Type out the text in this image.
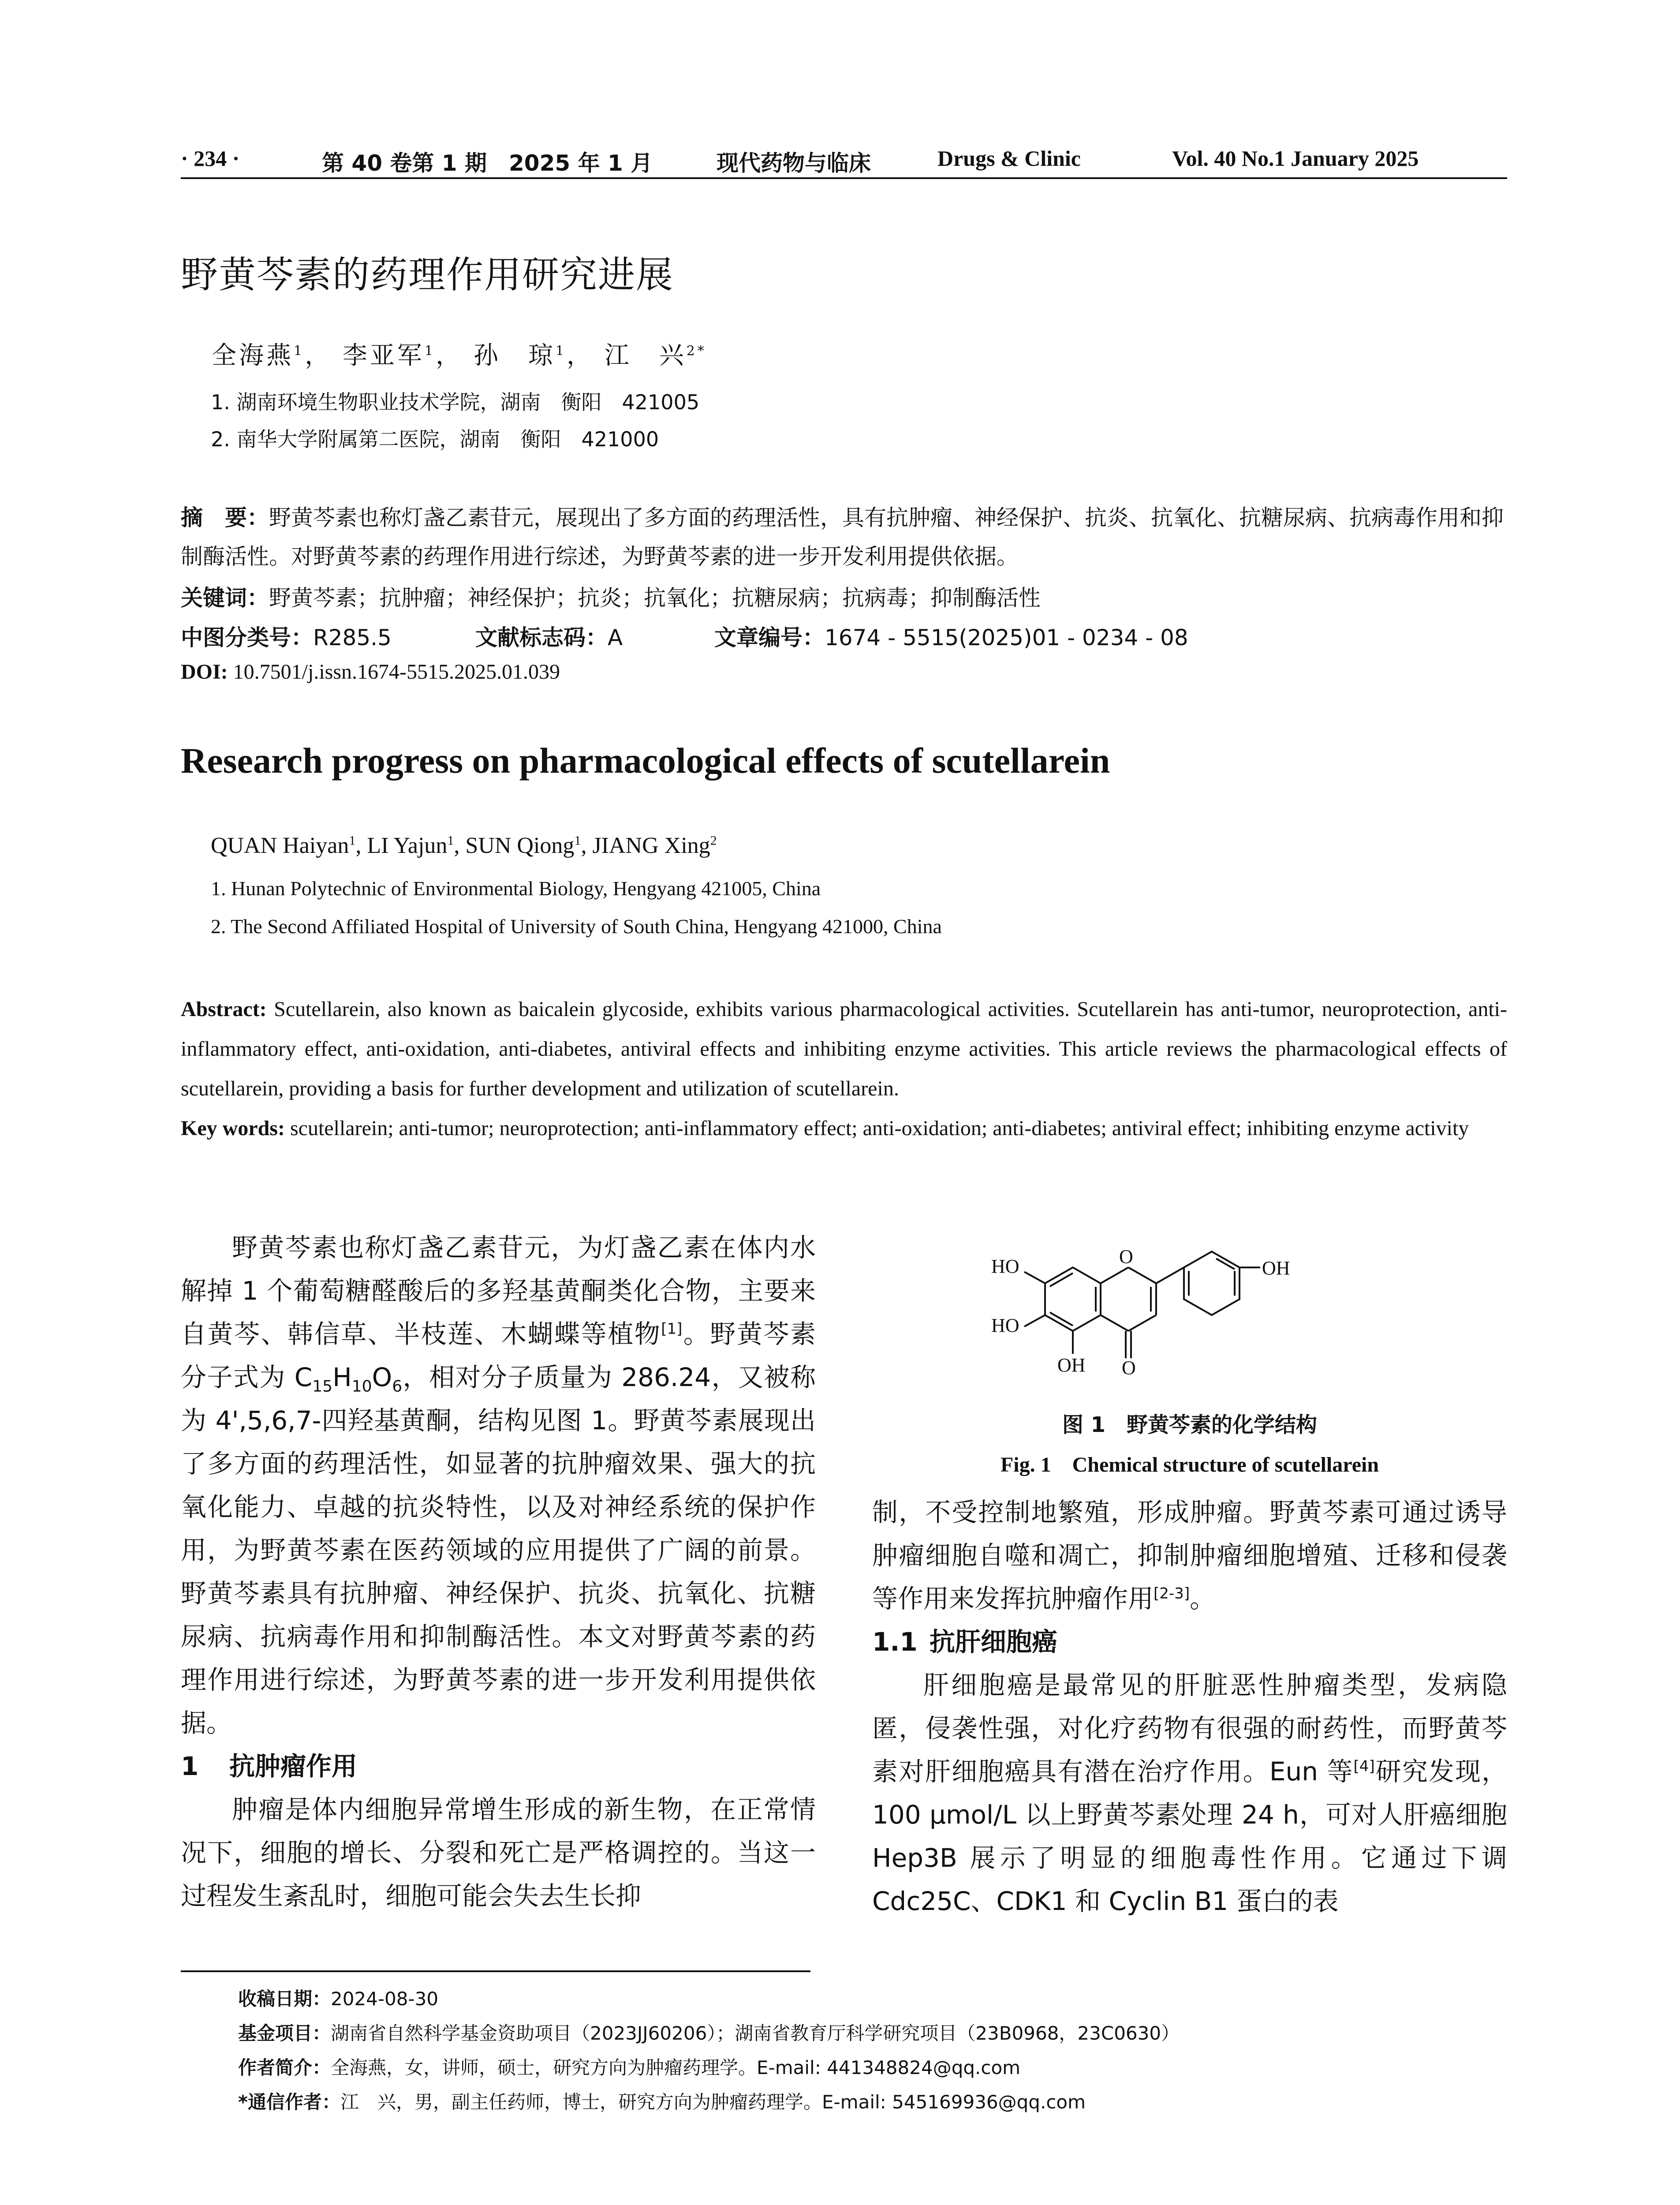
· 234 ·	第 40 卷第 1 期　2025 年 1 月	现代药物与临床	Drugs & Clinic	Vol. 40 No.1 January 2025
野黄芩素的药理作用研究进展
全海燕$^1$， 李亚军$^1$， 孙　琼$^1$， 江　兴$^{2*}$
1. 湖南环境生物职业技术学院，湖南　衡阳　421005
2. 南华大学附属第二医院，湖南　衡阳　421000
摘　要：野黄芩素也称灯盏乙素苷元，展现出了多方面的药理活性，具有抗肿瘤、神经保护、抗炎、抗氧化、抗糖尿病、抗病毒作用和抑制酶活性。对野黄芩素的药理作用进行综述，为野黄芩素的进一步开发利用提供依据。
关键词：野黄芩素；抗肿瘤；神经保护；抗炎；抗氧化；抗糖尿病；抗病毒；抑制酶活性
中图分类号：R285.5	文献标志码：A	文章编号：1674 - 5515(2025)01 - 0234 - 08
DOI: 10.7501/j.issn.1674-5515.2025.01.039
Research progress on pharmacological effects of scutellarein
QUAN Haiyan$^1$, LI Yajun$^1$, SUN Qiong$^1$, JIANG Xing$^2$
1. Hunan Polytechnic of Environmental Biology, Hengyang 421005, China
2. The Second Affiliated Hospital of University of South China, Hengyang 421000, China
Abstract: Scutellarein, also known as baicalein glycoside, exhibits various pharmacological activities. Scutellarein has anti-tumor, neuroprotection, anti-inflammatory effect, anti-oxidation, anti-diabetes, antiviral effects and inhibiting enzyme activities. This article reviews the pharmacological effects of scutellarein, providing a basis for further development and utilization of scutellarein.
Key words: scutellarein; anti-tumor; neuroprotection; anti-inflammatory effect; anti-oxidation; anti-diabetes; antiviral effect; inhibiting enzyme activity

野黄芩素也称灯盏乙素苷元，为灯盏乙素在体内水解掉 1 个葡萄糖醛酸后的多羟基黄酮类化合物，主要来自黄芩、韩信草、半枝莲、木蝴蝶等植物[1]。野黄芩素分子式为 $C_{15}H_{10}O_6$，相对分子质量为 286.24，又被称为 4',5,6,7-四羟基黄酮，结构见图 1。野黄芩素展现出了多方面的药理活性，如显著的抗肿瘤效果、强大的抗氧化能力、卓越的抗炎特性，以及对神经系统的保护作用，为野黄芩素在医药领域的应用提供了广阔的前景。野黄芩素具有抗肿瘤、神经保护、抗炎、抗氧化、抗糖尿病、抗病毒作用和抑制酶活性。本文对野黄芩素的药理作用进行综述，为野黄芩素的进一步开发利用提供依据。

1 抗肿瘤作用

肿瘤是体内细胞异常增生形成的新生物，在正常情况下，细胞的增长、分裂和死亡是严格调控的。当这一过程发生紊乱时，细胞可能会失去生长抑

O
HO
HO
OH O
OH
图 1　野黄芩素的化学结构
Fig. 1　Chemical structure of scutellarein

制，不受控制地繁殖，形成肿瘤。野黄芩素可通过诱导肿瘤细胞自噬和凋亡，抑制肿瘤细胞增殖、迁移和侵袭等作用来发挥抗肿瘤作用[2-3]。

1.1 抗肝细胞癌

肝细胞癌是最常见的肝脏恶性肿瘤类型，发病隐匿，侵袭性强，对化疗药物有很强的耐药性，而野黄芩素对肝细胞癌具有潜在治疗作用。Eun 等[4]研究发现，100 μmol/L 以上野黄芩素处理 24 h，可对人肝癌细胞 Hep3B 展示了明显的细胞毒性作用。它通过下调 Cdc25C、CDK1 和 Cyclin B1 蛋白的表

收稿日期：2024-08-30
基金项目：湖南省自然科学基金资助项目（2023JJ60206）；湖南省教育厅科学研究项目（23B0968，23C0630）
作者简介：全海燕，女，讲师，硕士，研究方向为肿瘤药理学。E-mail: 441348824@qq.com
*通信作者：江　兴，男，副主任药师，博士，研究方向为肿瘤药理学。E-mail: 545169936@qq.com
